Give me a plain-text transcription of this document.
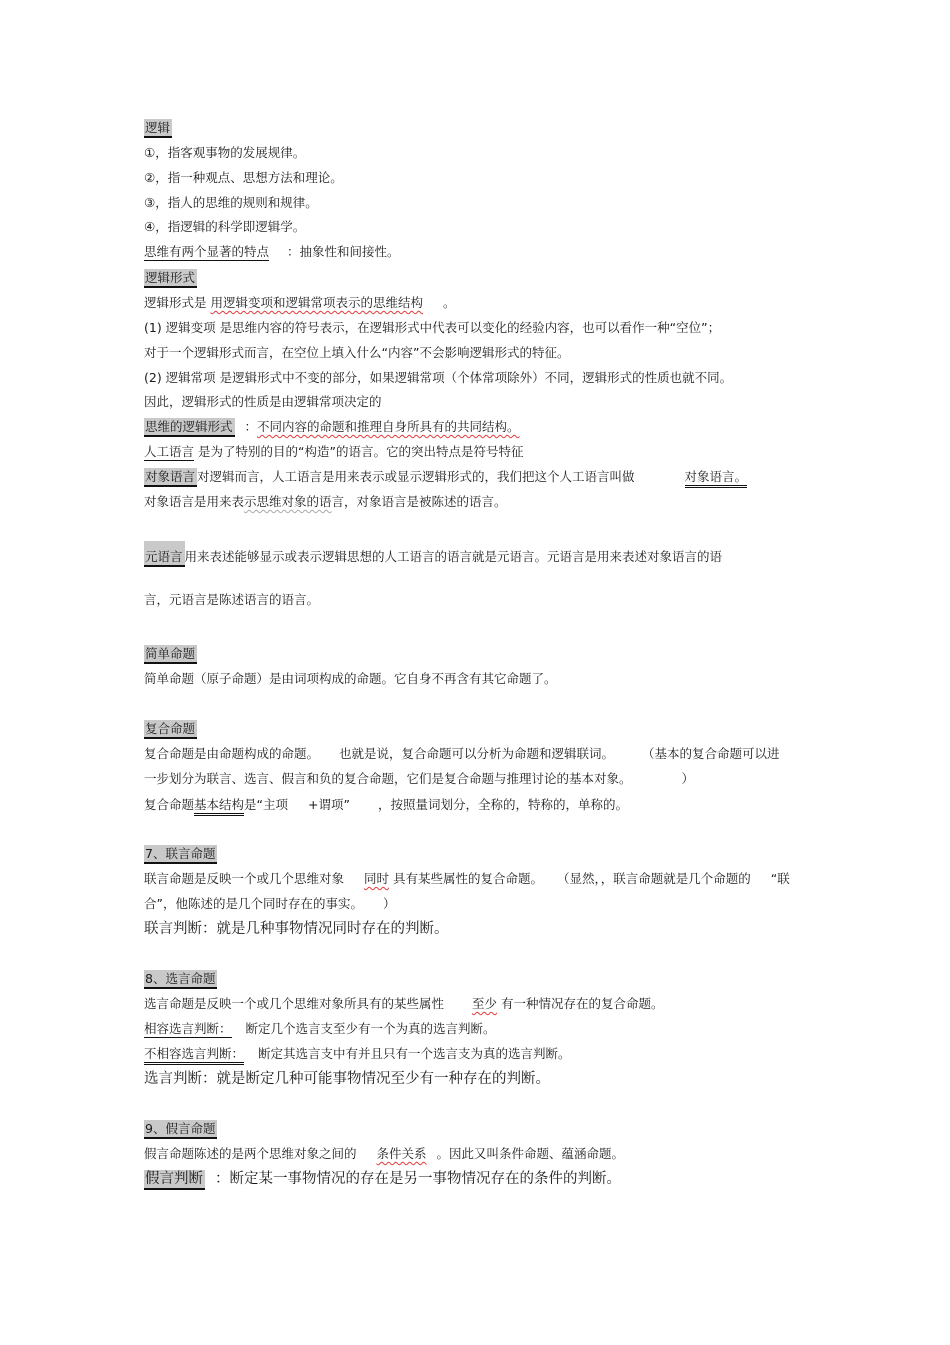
逻辑
①，指客观事物的发展规律。
②，指一种观点、思想方法和理论。
③，指人的思维的规则和规律。
④，指逻辑的科学即逻辑学。
思维有两个显著的特点 ：抽象性和间接性。
逻辑形式
逻辑形式是 用逻辑变项和逻辑常项表示的思维结构 。
(1) 逻辑变项 是思维内容的符号表示，在逻辑形式中代表可以变化的经验内容，也可以看作一种“空位”；
对于一个逻辑形式而言，在空位上填入什么“内容”不会影响逻辑形式的特征。
(2) 逻辑常项 是逻辑形式中不变的部分，如果逻辑常项（个体常项除外）不同，逻辑形式的性质也就不同。
因此，逻辑形式的性质是由逻辑常项决定的
思维的逻辑形式 ：不同内容的命题和推理自身所具有的共同结构。
人工语言 是为了特别的目的“构造”的语言。它的突出特点是符号特征
对象语言 对逻辑而言，人工语言是用来表示或显示逻辑形式的，我们把这个人工语言叫做	对象语言。
对象语言是用来表示思维对象的语言，对象语言是被陈述的语言。
元语言 用来表述能够显示或表示逻辑思想的人工语言的语言就是元语言。元语言是用来表述对象语言的语
言，元语言是陈述语言的语言。
简单命题
简单命题（原子命题）是由词项构成的命题。它自身不再含有其它命题了。
复合命题
复合命题是由命题构成的命题。 也就是说，复合命题可以分析为命题和逻辑联词。 （基本的复合命题可以进
一步划分为联言、选言、假言和负的复合命题，它们是复合命题与推理讨论的基本对象。	）
复合命题基本结构是“主项 +谓项” ，按照量词划分，全称的，特称的，单称的。
7、联言命题
联言命题是反映一个或几个思维对象 同时 具有某些属性的复合命题。 （显然，，联言命题就是几个命题的 “联
合”，他陈述的是几个同时存在的事实。 ）
联言判断：就是几种事物情况同时存在的判断。
8、选言命题
选言命题是反映一个或几个思维对象所具有的某些属性 至少 有一种情况存在的复合命题。
相容选言判断： 断定几个选言支至少有一个为真的选言判断。
不相容选言判断： 断定其选言支中有并且只有一个选言支为真的选言判断。
选言判断：就是断定几种可能事物情况至少有一种存在的判断。
9、假言命题
假言命题陈述的是两个思维对象之间的 条件关系 。因此又叫条件命题、蕴涵命题。
假言判断 ：断定某一事物情况的存在是另一事物情况存在的条件的判断。
